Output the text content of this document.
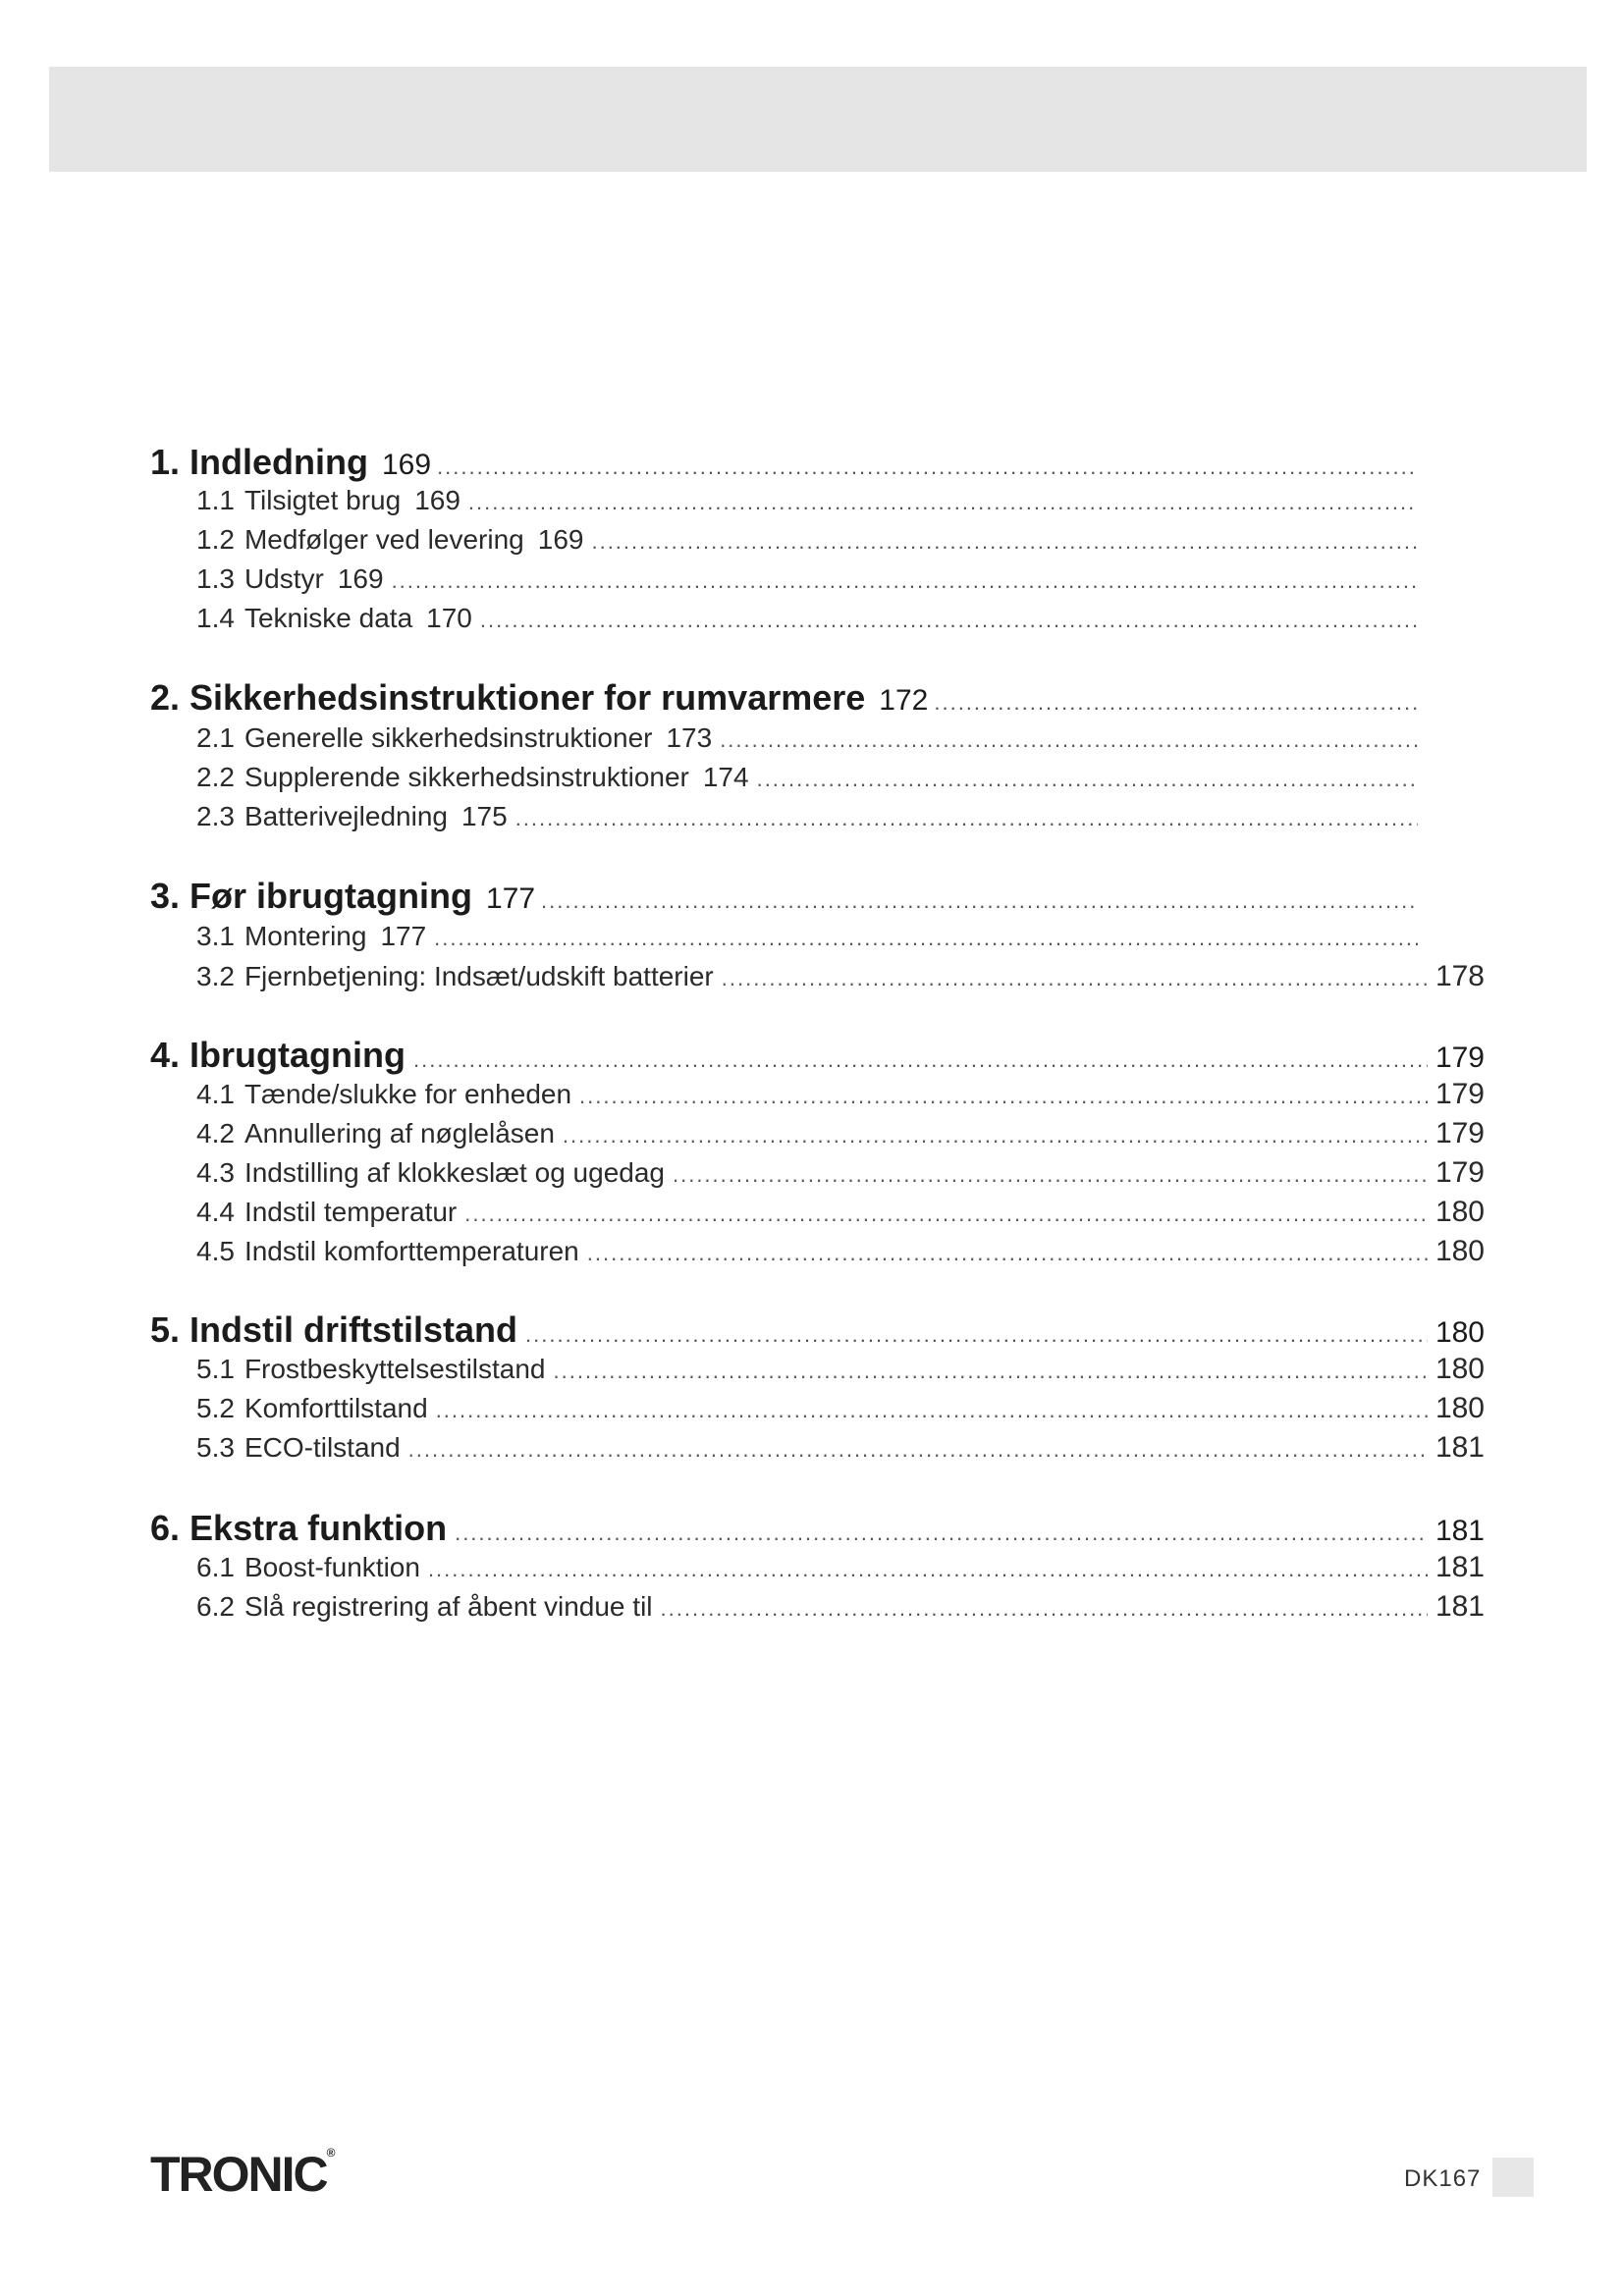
1. Indledning 169
.....
1.1 Tilsigtet brug 169
.....
1.2 Medfølger ved levering 169
.....
1.3 Udstyr 169
.....
1.4 Tekniske data 170
.....
2. Sikkerhedsinstruktioner for rumvarmere 172
.....
2.1 Generelle sikkerhedsinstruktioner 173
.....
2.2 Supplerende sikkerhedsinstruktioner 174
.....
2.3 Batterivejledning 175
.....
3. Før ibrugtagning 177
.....
3.1 Montering 177
.....
3.2 Fjernbetjening: Indsæt/udskift batterier .....	178
4. Ibrugtagning .....	179
4.1 Tænde/slukke for enheden .....	179
4.2 Annullering af nøglelåsen .....	179
4.3 Indstilling af klokkeslæt og ugedag .....	179
4.4 Indstil temperatur .....	180
4.5 Indstil komforttemperaturen .....	180
5. Indstil driftstilstand .....	180
5.1 Frostbeskyttelsestilstand .....	180
5.2 Komforttilstand .....	180
5.3 ECO-tilstand .....	181
6. Ekstra funktion .....	181
6.1 Boost-funktion .....	181
6.2 Slå registrering af åbent vindue til .....	181
TRONIC®
DK167
